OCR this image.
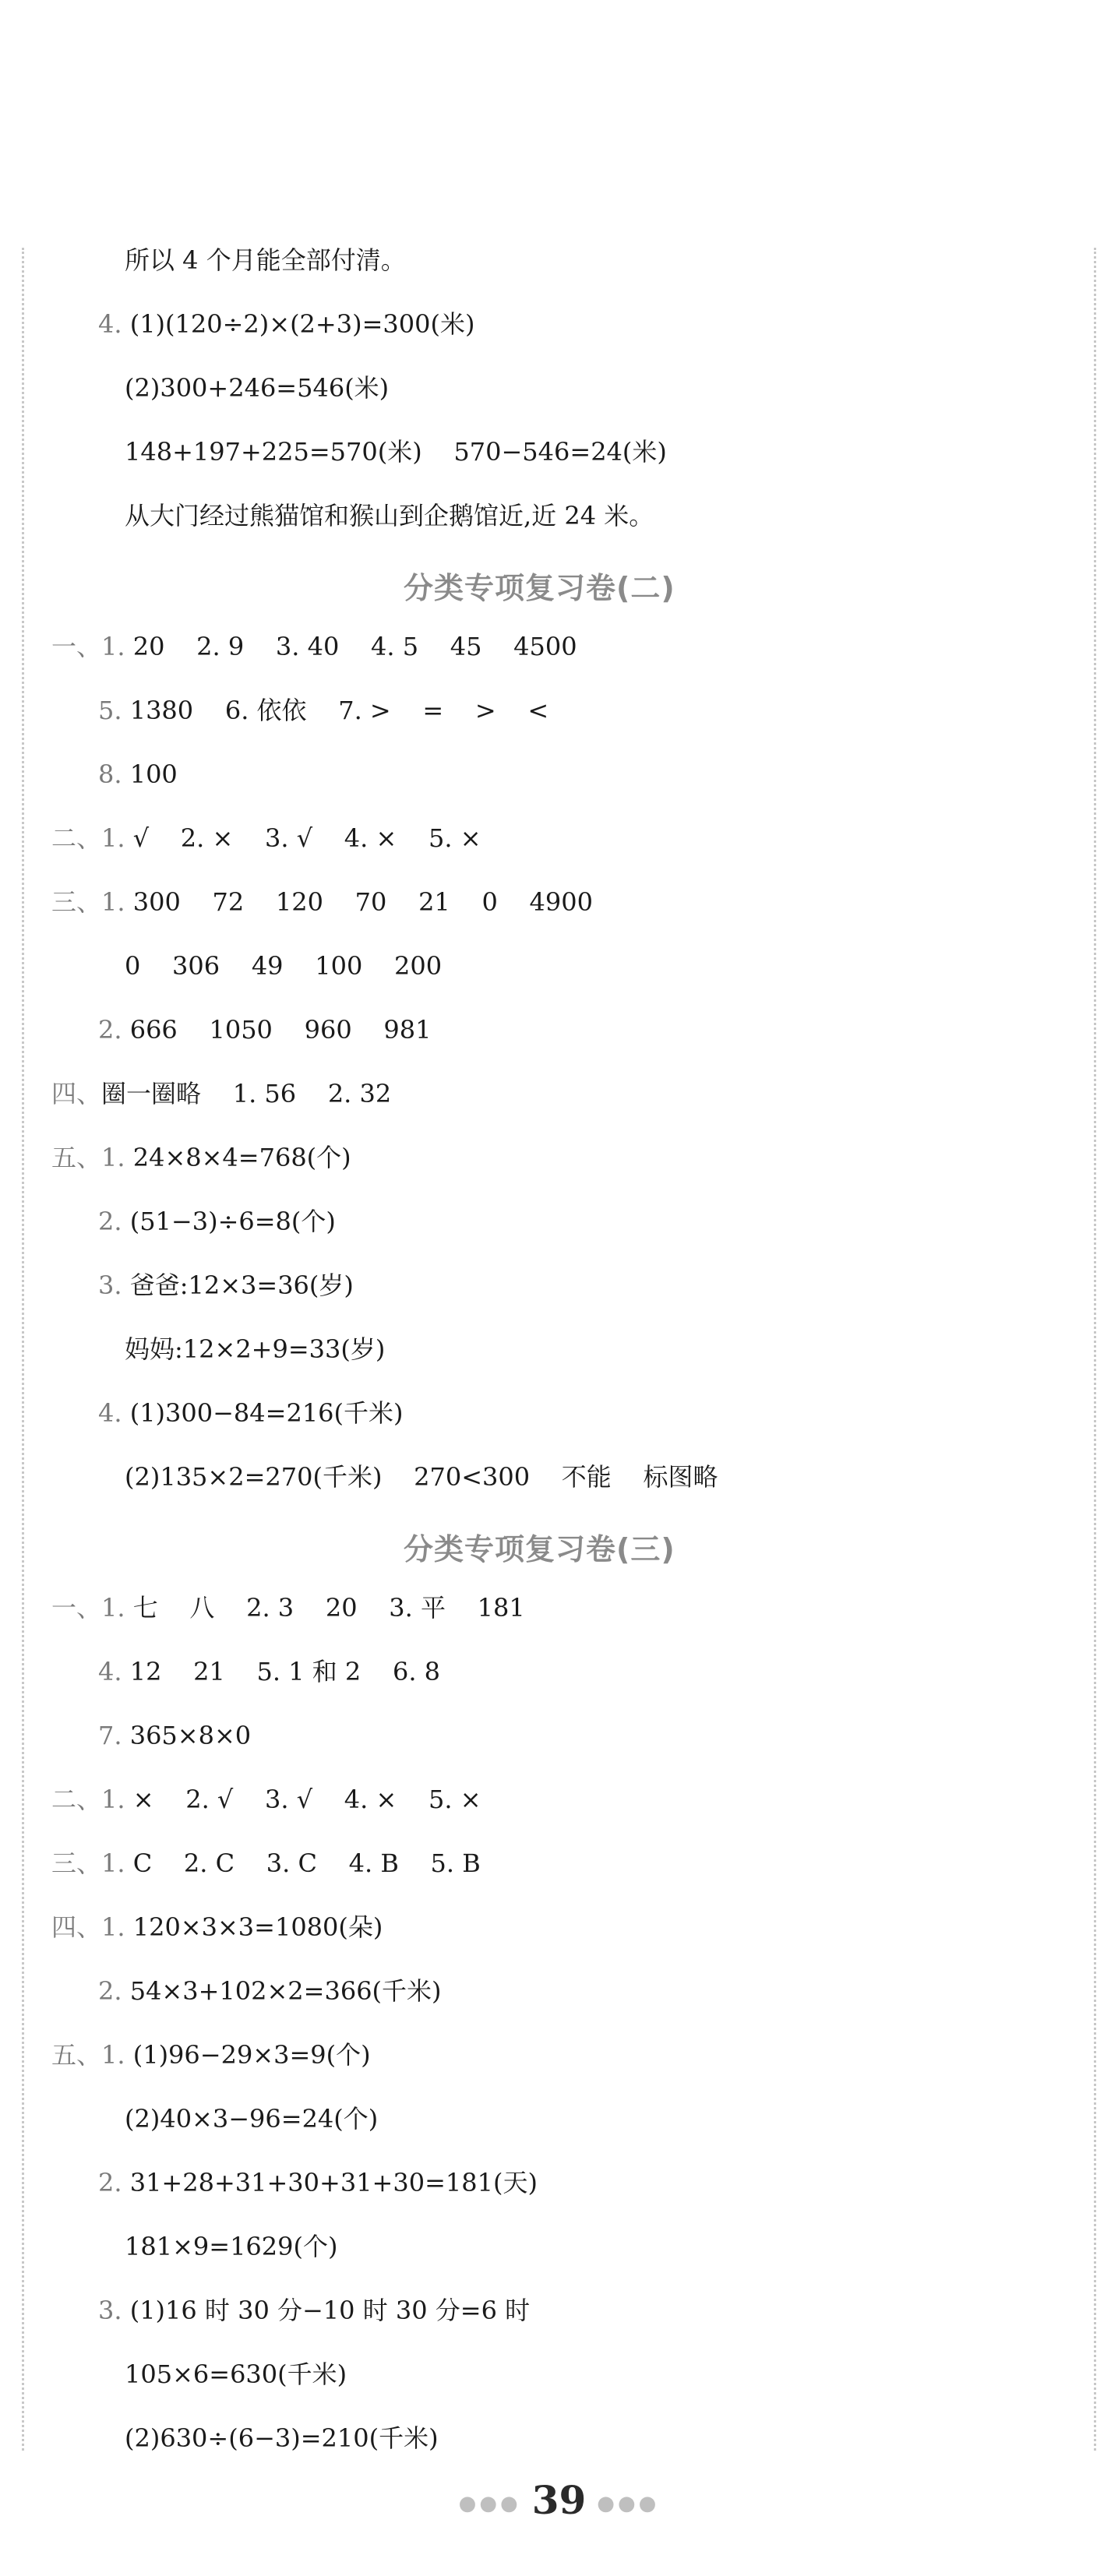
分类专项复习卷(二)
分类专项复习卷(三)
所以 4 个月能全部付清。
4. (1)(120÷2)×(2+3)=300(米)
(2)300+246=546(米)
148+197+225=570(米)    570−546=24(米)
从大门经过熊猫馆和猴山到企鹅馆近,近 24 米。
一、1. 20    2. 9    3. 40    4. 5    45    4500
5. 1380    6. 依依    7. >    =    >    <
8. 100
二、1. √    2. ×    3. √    4. ×    5. ×
三、1. 300    72    120    70    21    0    4900
0    306    49    100    200
2. 666    1050    960    981
四、圈一圈略    1. 56    2. 32
五、1. 24×8×4=768(个)
2. (51−3)÷6=8(个)
3. 爸爸:12×3=36(岁)
妈妈:12×2+9=33(岁)
4. (1)300−84=216(千米)
(2)135×2=270(千米)    270<300    不能    标图略
一、1. 七    八    2. 3    20    3. 平    181
4. 12    21    5. 1 和 2    6. 8
7. 365×8×0
二、1. ×    2. √    3. √    4. ×    5. ×
三、1. C    2. C    3. C    4. B    5. B
四、1. 120×3×3=1080(朵)
2. 54×3+102×2=366(千米)
五、1. (1)96−29×3=9(个)
(2)40×3−96=24(个)
2. 31+28+31+30+31+30=181(天)
181×9=1629(个)
3. (1)16 时 30 分−10 时 30 分=6 时
105×6=630(千米)
(2)630÷(6−3)=210(千米)
●●● 39 ●●●
